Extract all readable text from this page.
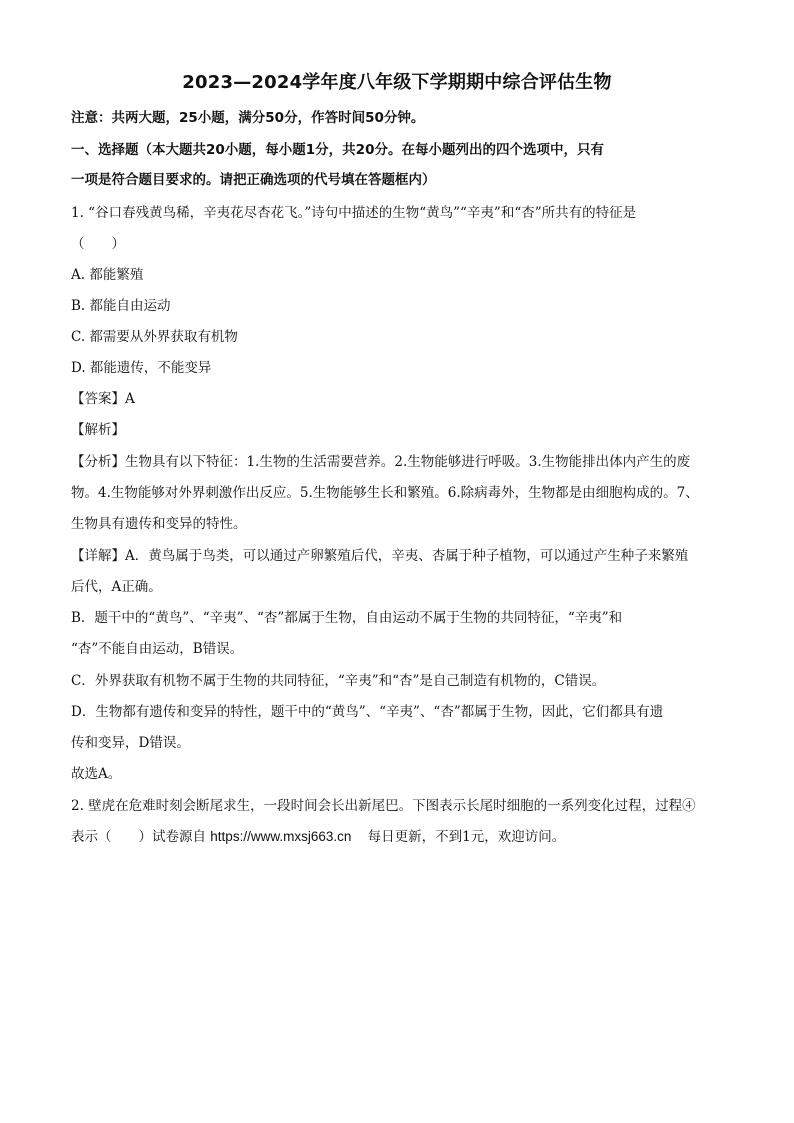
2023—2024学年度八年级下学期期中综合评估生物
注意：共两大题，25小题，满分50分，作答时间50分钟。
一、选择题（本大题共20小题，每小题1分，共20分。在每小题列出的四个选项中，只有
一项是符合题目要求的。请把正确选项的代号填在答题框内）
1. “谷口春残黄鸟稀，辛夷花尽杏花飞。”诗句中描述的生物“黄鸟”“辛夷”和“杏”所共有的特征是
（　　）
A. 都能繁殖
B. 都能自由运动
C. 都需要从外界获取有机物
D. 都能遗传，不能变异
【答案】A
【解析】
【分析】生物具有以下特征：1.生物的生活需要营养。2.生物能够进行呼吸。3.生物能排出体内产生的废
物。4.生物能够对外界刺激作出反应。5.生物能够生长和繁殖。6.除病毒外，生物都是由细胞构成的。7、
生物具有遗传和变异的特性。
【详解】A．黄鸟属于鸟类，可以通过产卵繁殖后代，辛夷、杏属于种子植物，可以通过产生种子来繁殖
后代，A正确。
B．题干中的“黄鸟”、“辛夷”、“杏”都属于生物，自由运动不属于生物的共同特征，“辛夷”和
“杏”不能自由运动，B错误。
C．外界获取有机物不属于生物的共同特征，“辛夷”和“杏”是自己制造有机物的，C错误。
D．生物都有遗传和变异的特性，题干中的“黄鸟”、“辛夷”、“杏”都属于生物，因此，它们都具有遗
传和变异，D错误。
故选A。
2. 壁虎在危难时刻会断尾求生，一段时间会长出新尾巴。下图表示长尾时细胞的一系列变化过程，过程④
表示（　　）试卷源自 https://www.mxsj663.cn 每日更新，不到1元，欢迎访问。
